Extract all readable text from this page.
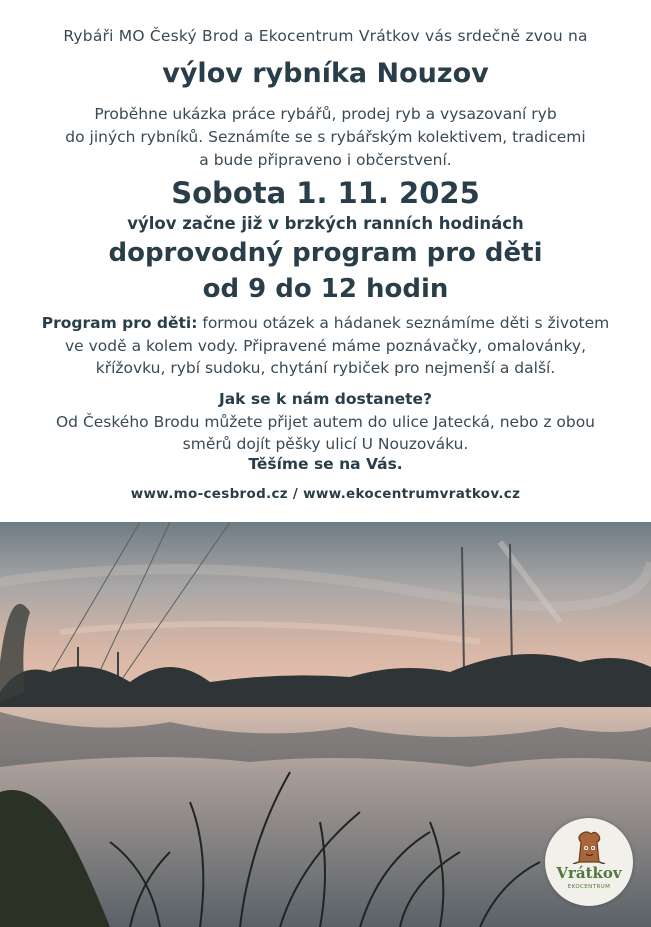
Rybáři MO Český Brod a Ekocentrum Vrátkov vás srdečně zvou na
výlov rybníka Nouzov
Proběhne ukázka práce rybářů, prodej ryb a vysazovaní ryb
do jiných rybníků. Seznámíte se s rybářským kolektivem, tradicemi
a bude připraveno i občerstvení.
Sobota 1. 11. 2025
výlov začne již v brzkých ranních hodinách
doprovodný program pro děti
od 9 do 12 hodin
Program pro děti: formou otázek a hádanek seznámíme děti s životem
ve vodě a kolem vody. Připravené máme poznávačky, omalovánky,
křížovku, rybí sudoku, chytání rybiček pro nejmenší a další.
Jak se k nám dostanete?
Od Českého Brodu můžete přijet autem do ulice Jatecká, nebo z obou
směrů dojít pěšky ulicí U Nouzováku.
Těšíme se na Vás.
www.mo-cesbrod.cz / www.ekocentrumvratkov.cz
Vrátkov
EKOCENTRUM
